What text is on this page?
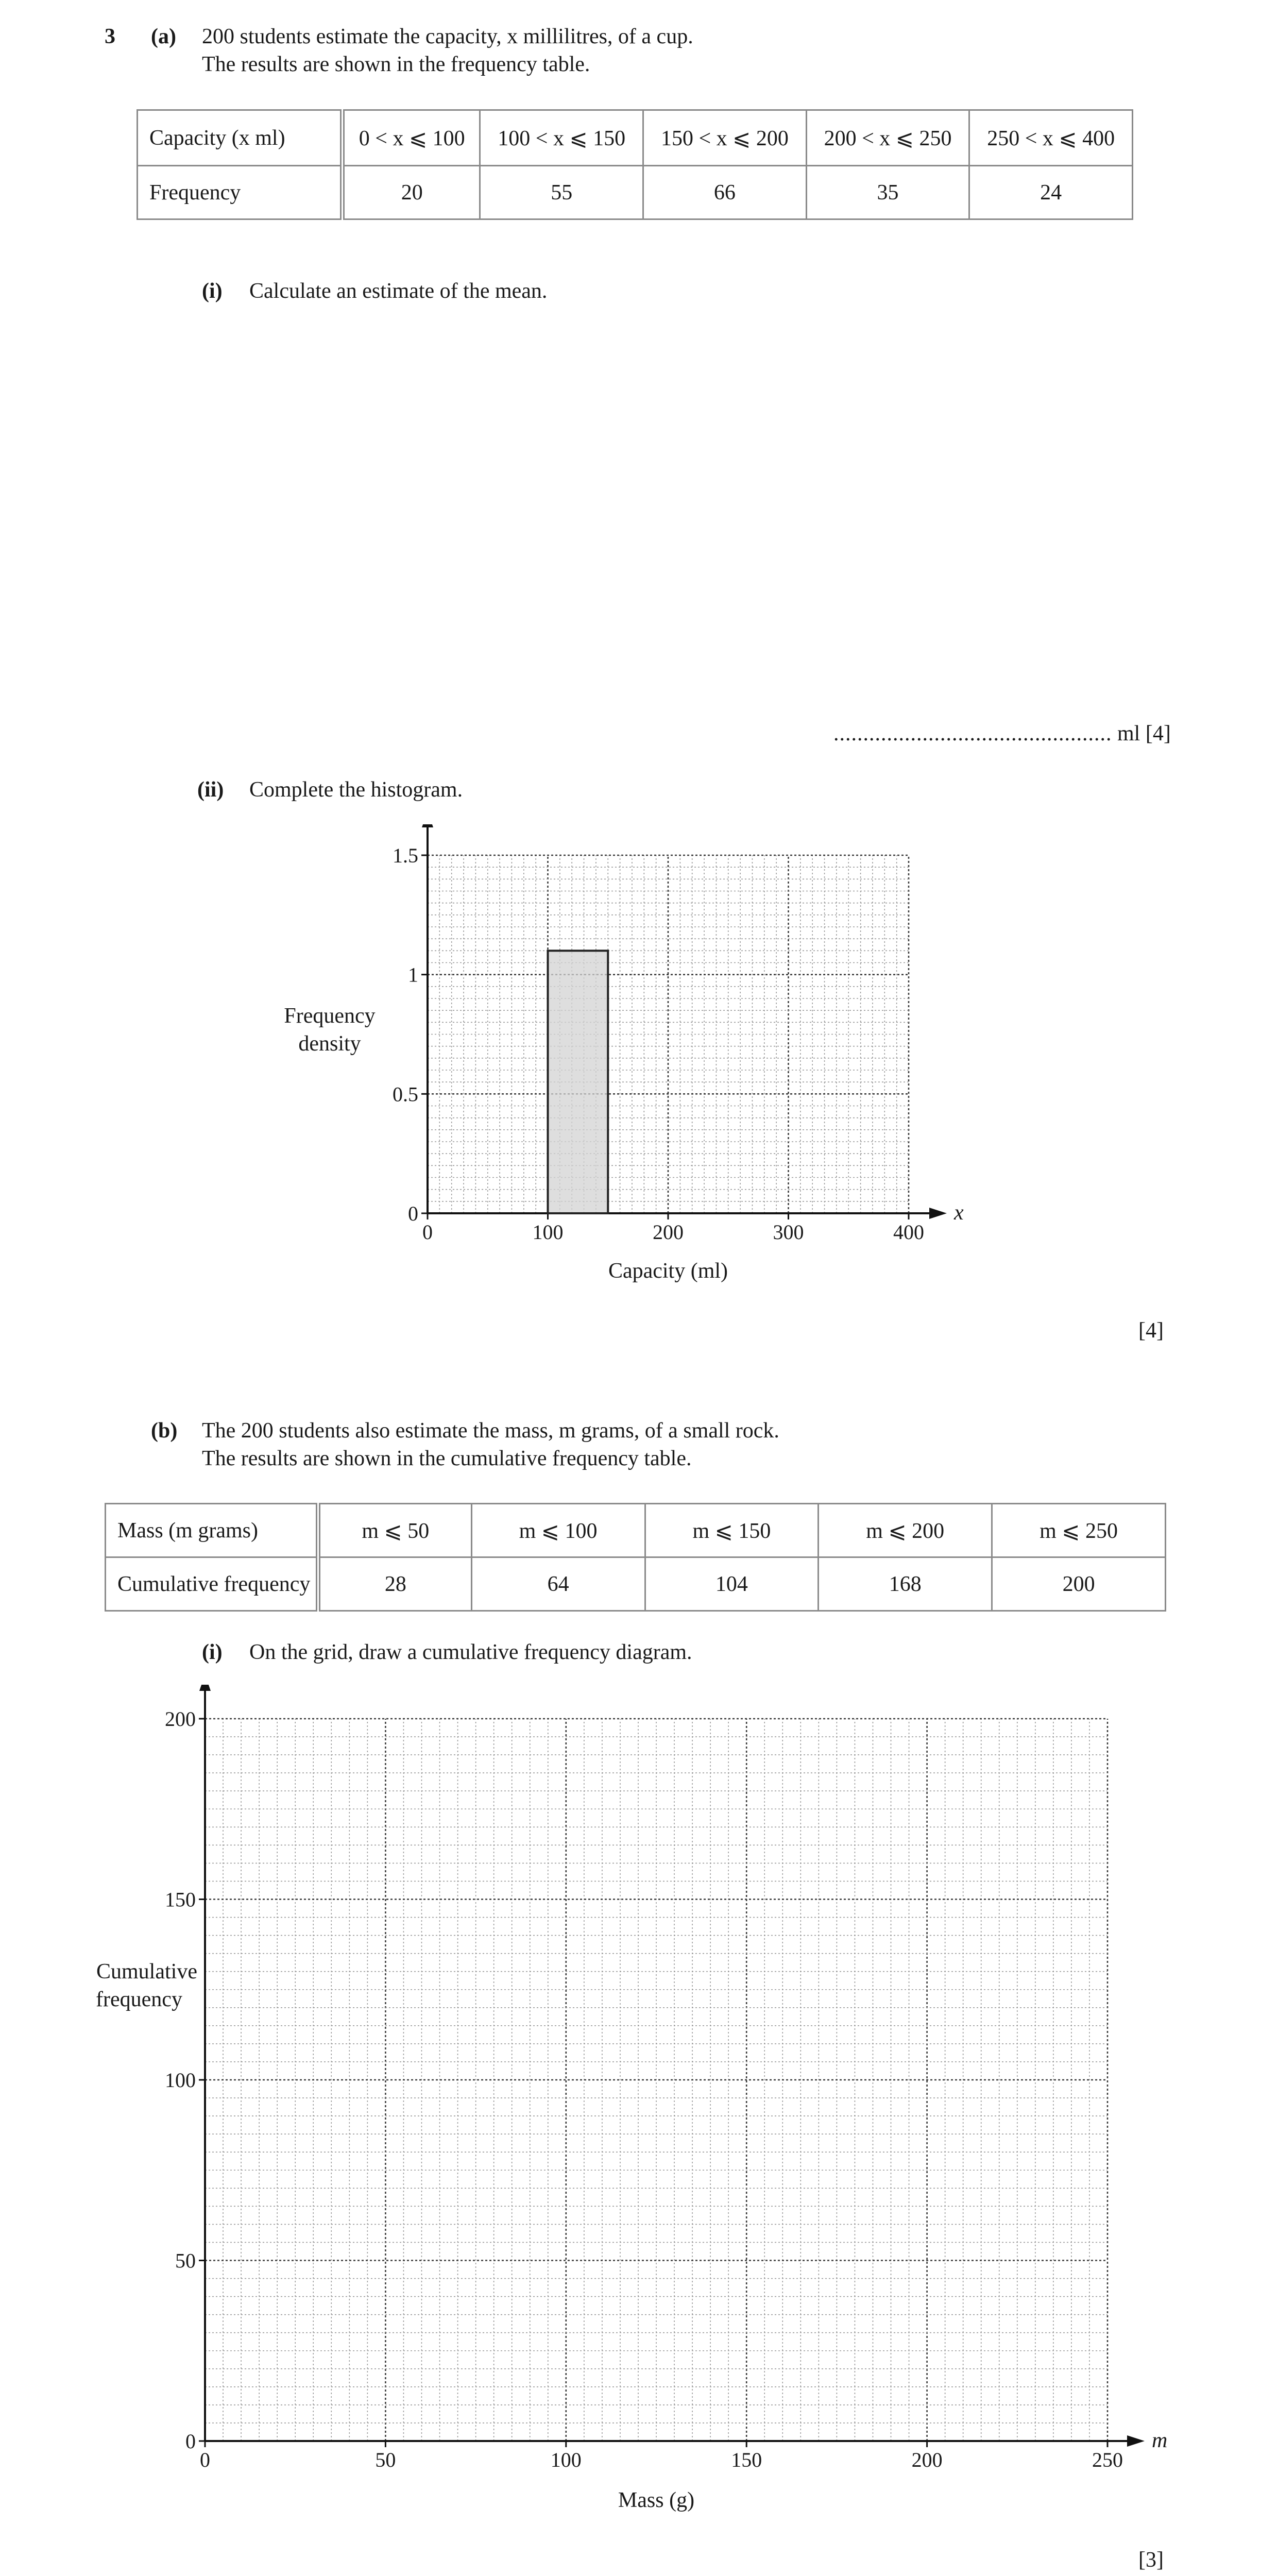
3 (a) 200 students estimate the capacity, x millilitres, of a cup.
The results are shown in the frequency table.
Capacity (x ml)	0 < x ⩽ 100	100 < x ⩽ 150	150 < x ⩽ 200	200 < x ⩽ 250	250 < x ⩽ 400
Frequency	20	55	66	35	24
(i) Calculate an estimate of the mean.
............................................... ml [4]
(ii) Complete the histogram.
0	100	200	300	400
0
0.5
1
1.5
x
Capacity (ml)
Frequency
density
[4]
(b) The 200 students also estimate the mass, m grams, of a small rock.
The results are shown in the cumulative frequency table.
Mass (m grams)	m ⩽ 50	m ⩽ 100	m ⩽ 150	m ⩽ 200	m ⩽ 250
Cumulative frequency	28	64	104	168	200
(i) On the grid, draw a cumulative frequency diagram.
0	50	100	150	200	250
0
50
100
150
200
m
Mass (g)
Cumulative
frequency
[3]
